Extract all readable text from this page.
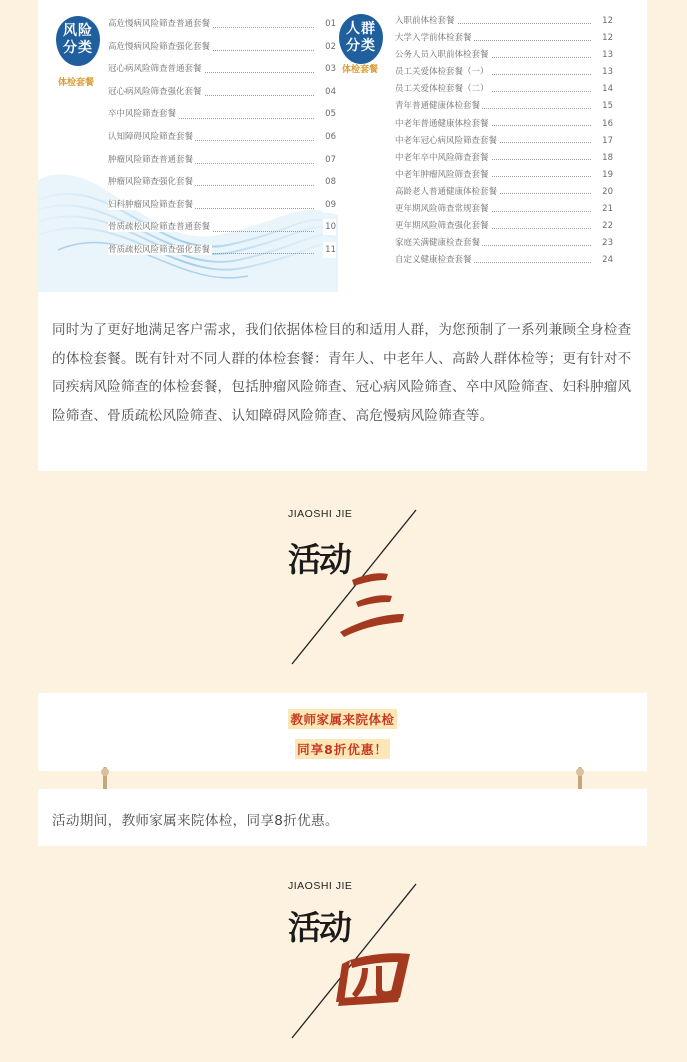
风险
分类
体检套餐
高危慢病风险筛查普通套餐	01
高危慢病风险筛查强化套餐	02
冠心病风险筛查普通套餐	03
冠心病风险筛查强化套餐	04
卒中风险筛查套餐	05
认知障碍风险筛查套餐	06
肿瘤风险筛查普通套餐	07
肿瘤风险筛查强化套餐	08
妇科肿瘤风险筛查套餐	09
骨质疏松风险筛查普通套餐	10
骨质疏松风险筛查强化套餐	11
人群
分类
体检套餐
入职前体检套餐	12
大学入学前体检套餐	12
公务人员入职前体检套餐	13
员工关爱体检套餐（一）	13
员工关爱体检套餐（二）	14
青年普通健康体检套餐	15
中老年普通健康体检套餐	16
中老年冠心病风险筛查套餐	17
中老年卒中风险筛查套餐	18
中老年肿瘤风险筛查套餐	19
高龄老人普通健康体检套餐	20
更年期风险筛查常规套餐	21
更年期风险筛查强化套餐	22
家庭关满健康检查套餐	23
自定义健康检查套餐	24

同时为了更好地满足客户需求，我们依据体检目的和适用人群，为您预制了一系列兼顾全身检查的体检套餐。既有针对不同人群的体检套餐：青年人、中老年人、高龄人群体检等；更有针对不同疾病风险筛查的体检套餐，包括肿瘤风险筛查、冠心病风险筛查、卒中风险筛查、妇科肿瘤风险筛查、骨质疏松风险筛查、认知障碍风险筛查、高危慢病风险筛查等。

JIAOSHI JIE
活动
教师家属来院体检
同享8折优惠！

活动期间，教师家属来院体检，同享8折优惠。

JIAOSHI JIE
活动
